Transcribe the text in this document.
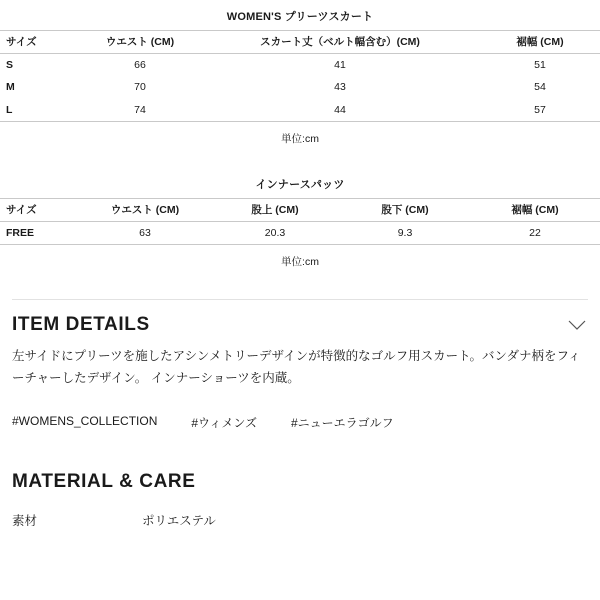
WOMEN'S プリーツスカート
サイズ	ウエスト (CM)	スカート丈（ベルト幅含む）(CM)	裾幅 (CM)
S	66	41	51
M	70	43	54
L	74	44	57
単位:cm
インナースパッツ
サイズ	ウエスト (CM)	股上 (CM)	股下 (CM)	裾幅 (CM)
FREE	63	20.3	9.3	22
単位:cm
ITEM DETAILS

左サイドにプリーツを施したアシンメトリーデザインが特徴的なゴルフ用スカート。バンダナ柄をフィーチャーしたデザイン。 インナーショーツを内蔵。

#WOMENS_COLLECTION	#ウィメンズ	#ニューエラゴルフ
MATERIAL & CARE
素材	ポリエステル
